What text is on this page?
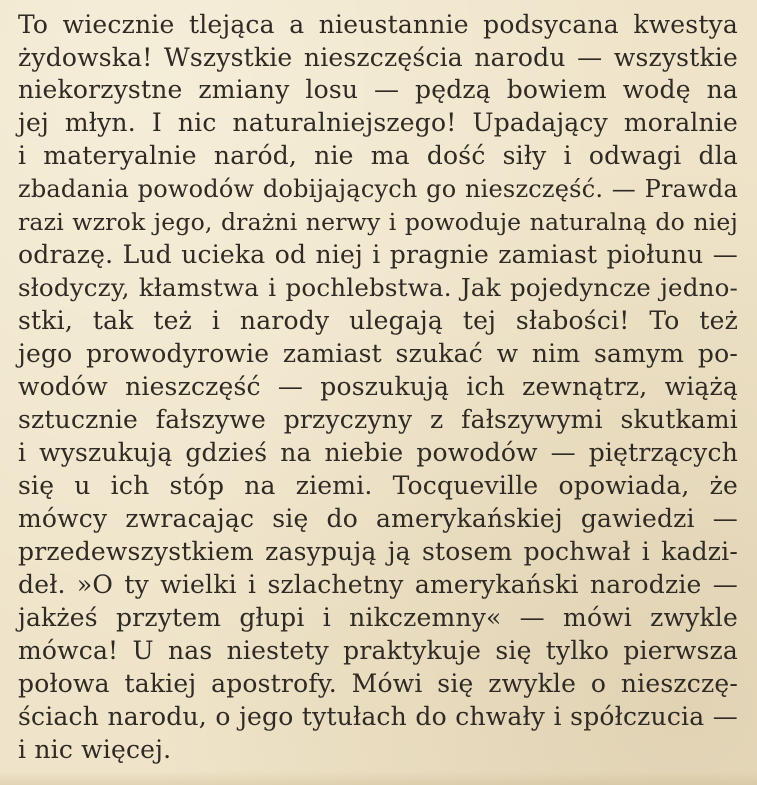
To wiecznie tlejąca a nieustannie podsycana kwestya
żydowska! Wszystkie nieszczęścia narodu — wszystkie
niekorzystne zmiany losu — pędzą bowiem wodę na
jej młyn. I nic naturalniejszego! Upadający moralnie
i materyalnie naród, nie ma dość siły i odwagi dla
zbadania powodów dobijających go nieszczęść. — Prawda
razi wzrok jego, drażni nerwy i powoduje naturalną do niej
odrazę. Lud ucieka od niej i pragnie zamiast piołunu —
słodyczy, kłamstwa i pochlebstwa. Jak pojedyncze jedno-
stki, tak też i narody ulegają tej słabości! To też
jego prowodyrowie zamiast szukać w nim samym po-
wodów nieszczęść — poszukują ich zewnątrz, wiążą
sztucznie fałszywe przyczyny z fałszywymi skutkami
i wyszukują gdzieś na niebie powodów — piętrzących
się u ich stóp na ziemi. Tocqueville opowiada, że
mówcy zwracając się do amerykańskiej gawiedzi —
przedewszystkiem zasypują ją stosem pochwał i kadzi-
deł. »O ty wielki i szlachetny amerykański narodzie —
jakżeś przytem głupi i nikczemny« — mówi zwykle
mówca! U nas niestety praktykuje się tylko pierwsza
połowa takiej apostrofy. Mówi się zwykle o nieszczę-
ściach narodu, o jego tytułach do chwały i spółczucia —
i nic więcej.
